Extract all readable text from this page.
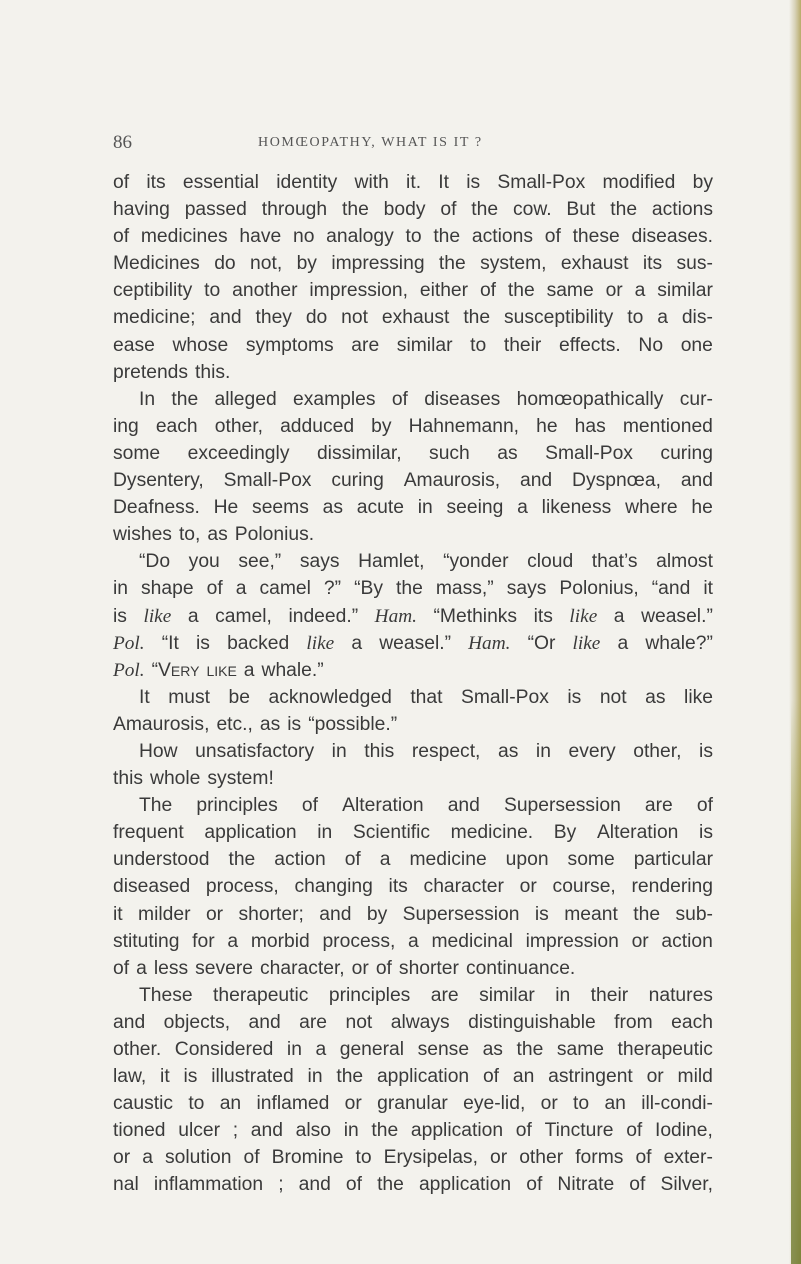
86	HOMŒOPATHY, WHAT IS IT ?
of its essential identity with it. It is Small-Pox modified by
having passed through the body of the cow. But the actions
of medicines have no analogy to the actions of these diseases.
Medicines do not, by impressing the system, exhaust its sus-
ceptibility to another impression, either of the same or a similar
medicine; and they do not exhaust the susceptibility to a dis-
ease whose symptoms are similar to their effects. No one
pretends this.
In the alleged examples of diseases homœopathically cur-
ing each other, adduced by Hahnemann, he has mentioned
some exceedingly dissimilar, such as Small-Pox curing
Dysentery, Small-Pox curing Amaurosis, and Dyspnœa, and
Deafness. He seems as acute in seeing a likeness where he
wishes to, as Polonius.
“Do you see,” says Hamlet, “yonder cloud that’s almost
in shape of a camel ?” “By the mass,” says Polonius, “and it
is like a camel, indeed.” Ham. “Methinks its like a weasel.”
Pol. “It is backed like a weasel.” Ham. “Or like a whale?”
Pol. “Very like a whale.”
It must be acknowledged that Small-Pox is not as like
Amaurosis, etc., as is “possible.”
How unsatisfactory in this respect, as in every other, is
this whole system!
The principles of Alteration and Supersession are of
frequent application in Scientific medicine. By Alteration is
understood the action of a medicine upon some particular
diseased process, changing its character or course, rendering
it milder or shorter; and by Supersession is meant the sub-
stituting for a morbid process, a medicinal impression or action
of a less severe character, or of shorter continuance.
These therapeutic principles are similar in their natures
and objects, and are not always distinguishable from each
other. Considered in a general sense as the same therapeutic
law, it is illustrated in the application of an astringent or mild
caustic to an inflamed or granular eye-lid, or to an ill-condi-
tioned ulcer ; and also in the application of Tincture of Iodine,
or a solution of Bromine to Erysipelas, or other forms of exter-
nal inflammation ; and of the application of Nitrate of Silver,
